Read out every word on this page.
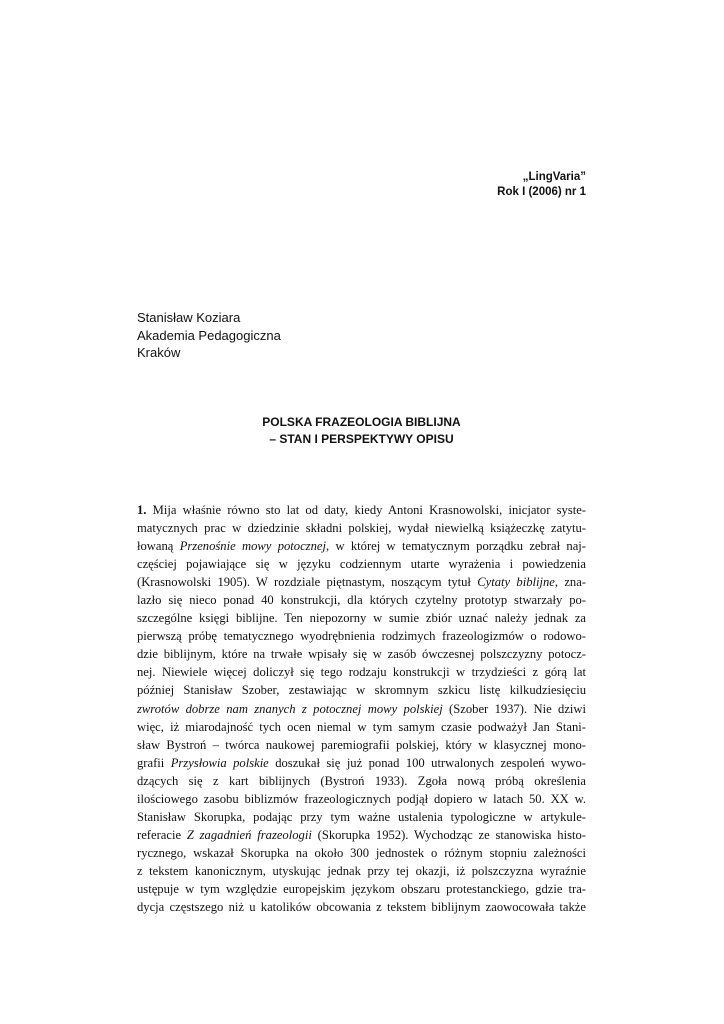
„LingVaria”
Rok I (2006) nr 1
Stanisław Koziara
Akademia Pedagogiczna
Kraków
POLSKA FRAZEOLOGIA BIBLIJNA
– STAN I PERSPEKTYWY OPISU
1. Mija właśnie równo sto lat od daty, kiedy Antoni Krasnowolski, inicjator syste-
matycznych prac w dziedzinie składni polskiej, wydał niewielką książeczkę zatytu-
łowaną Przenośnie mowy potocznej, w której w tematycznym porządku zebrał naj-
częściej pojawiające się w języku codziennym utarte wyrażenia i powiedzenia
(Krasnowolski 1905). W rozdziale piętnastym, noszącym tytuł Cytaty biblijne, zna-
lazło się nieco ponad 40 konstrukcji, dla których czytelny prototyp stwarzały po-
szczególne księgi biblijne. Ten niepozorny w sumie zbiór uznać należy jednak za
pierwszą próbę tematycznego wyodrębnienia rodzimych frazeologizmów o rodowo-
dzie biblijnym, które na trwałe wpisały się w zasób ówczesnej polszczyzny potocz-
nej. Niewiele więcej doliczył się tego rodzaju konstrukcji w trzydzieści z górą lat
później Stanisław Szober, zestawiając w skromnym szkicu listę kilkudziesięciu
zwrotów dobrze nam znanych z potocznej mowy polskiej (Szober 1937). Nie dziwi
więc, iż miarodajność tych ocen niemal w tym samym czasie podważył Jan Stani-
sław Bystroń – twórca naukowej paremiografii polskiej, który w klasycznej mono-
grafii Przysłowia polskie doszukał się już ponad 100 utrwalonych zespoleń wywo-
dzących się z kart biblijnych (Bystroń 1933). Zgoła nową próbą określenia
ilościowego zasobu biblizmów frazeologicznych podjął dopiero w latach 50. XX w.
Stanisław Skorupka, podając przy tym ważne ustalenia typologiczne w artykule-
referacie Z zagadnień frazeologii (Skorupka 1952). Wychodząc ze stanowiska histo-
rycznego, wskazał Skorupka na około 300 jednostek o różnym stopniu zależności
z tekstem kanonicznym, utyskując jednak przy tej okazji, iż polszczyzna wyraźnie
ustępuje w tym względzie europejskim językom obszaru protestanckiego, gdzie tra-
dycja częstszego niż u katolików obcowania z tekstem biblijnym zaowocowała także
